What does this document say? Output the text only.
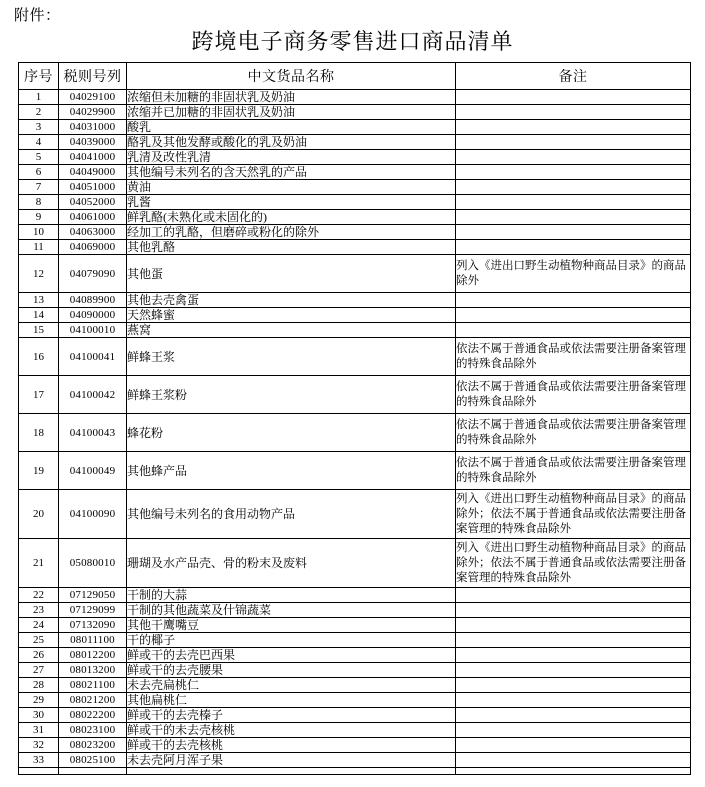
附件：
跨境电子商务零售进口商品清单
序号	税则号列	中文货品名称	备注
1	04029100	浓缩但未加糖的非固状乳及奶油	
2	04029900	浓缩并已加糖的非固状乳及奶油	
3	04031000	酸乳	
4	04039000	酪乳及其他发酵或酸化的乳及奶油	
5	04041000	乳清及改性乳清	
6	04049000	其他编号未列名的含天然乳的产品	
7	04051000	黄油	
8	04052000	乳酱	
9	04061000	鲜乳酪(未熟化或未固化的)	
10	04063000	经加工的乳酪，但磨碎或粉化的除外	
11	04069000	其他乳酪	
12	04079090	其他蛋	列入《进出口野生动植物种商品目录》的商品除外
13	04089900	其他去壳禽蛋	
14	04090000	天然蜂蜜	
15	04100010	燕窝	
16	04100041	鲜蜂王浆	依法不属于普通食品或依法需要注册备案管理的特殊食品除外
17	04100042	鲜蜂王浆粉	依法不属于普通食品或依法需要注册备案管理的特殊食品除外
18	04100043	蜂花粉	依法不属于普通食品或依法需要注册备案管理的特殊食品除外
19	04100049	其他蜂产品	依法不属于普通食品或依法需要注册备案管理的特殊食品除外
20	04100090	其他编号未列名的食用动物产品	列入《进出口野生动植物种商品目录》的商品除外；依法不属于普通食品或依法需要注册备案管理的特殊食品除外
21	05080010	珊瑚及水产品壳、骨的粉末及废料	列入《进出口野生动植物种商品目录》的商品除外；依法不属于普通食品或依法需要注册备案管理的特殊食品除外
22	07129050	干制的大蒜	
23	07129099	干制的其他蔬菜及什锦蔬菜	
24	07132090	其他干鹰嘴豆	
25	08011100	干的椰子	
26	08012200	鲜或干的去壳巴西果	
27	08013200	鲜或干的去壳腰果	
28	08021100	未去壳扁桃仁	
29	08021200	其他扁桃仁	
30	08022200	鲜或干的去壳榛子	
31	08023100	鲜或干的未去壳核桃	
32	08023200	鲜或干的去壳核桃	
33	08025100	未去壳阿月浑子果	
